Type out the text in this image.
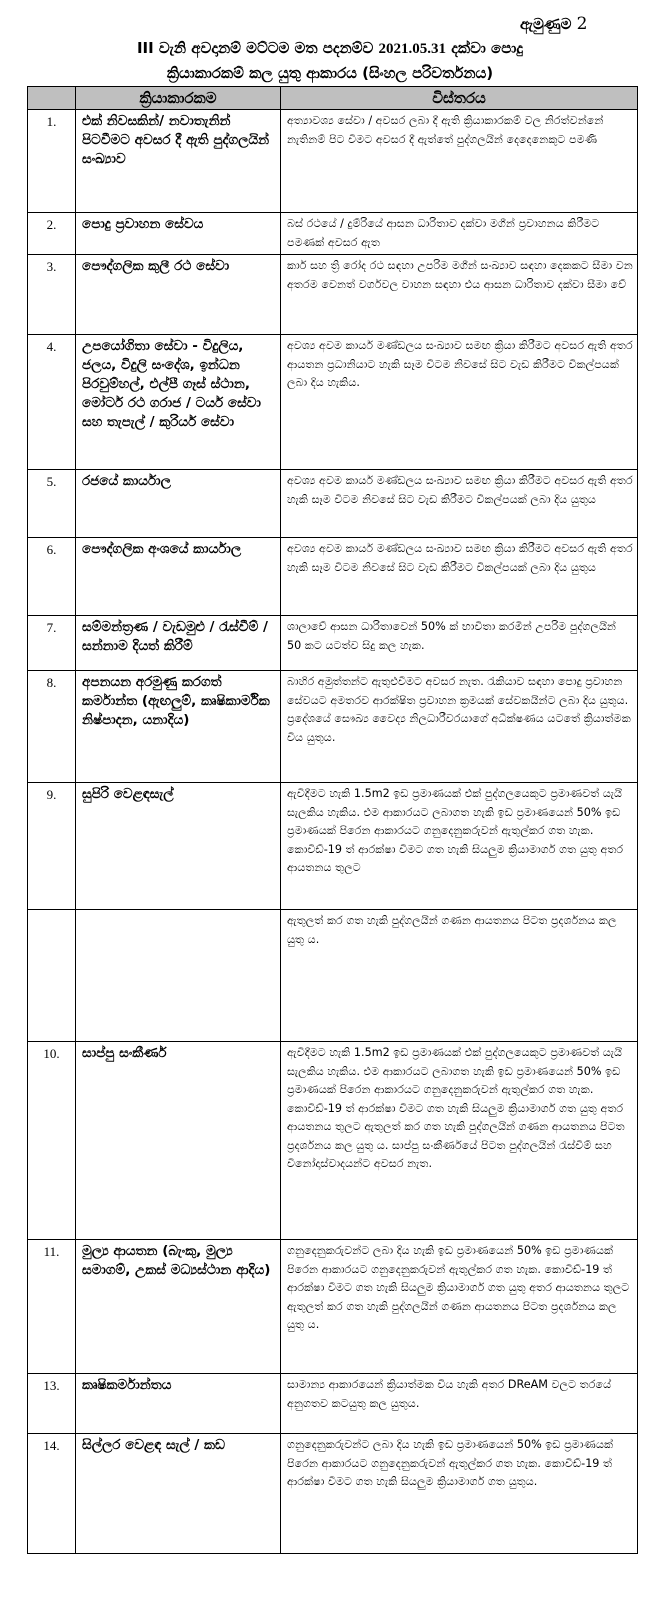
ඇමුණුම 2
III වැනි අවදානම් මට්ටම මත පදනම්ව 2021.05.31 දක්වා පොදු
ක්‍රියාකාරකම් කල යුතු ආකාරය (සිංහල පරිවර්තනය)
	ක්‍රියාකාරකම	විස්තරය
1.	එක් නිවසකින්/ නවාතැනින් පිටවීමට අවසර දී ඇති පුද්ගලයින් සංඛ්‍යාව	අත්‍යාවශ්‍ය සේවා / අවසර ලබා දී ඇති ක්‍රියාකාරකම් වල නිරත්වන්නේ නැතිනම් පිට වීමට අවසර දී ඇත්තේ පුද්ගලයින් දෙදෙනෙකුට පමණි
2.	පොදු ප්‍රවාහන සේවය	බස් රථයේ / දුම්රියේ ආසන ධාරිතාව දක්වා මගීන් ප්‍රවාහනය කිරීමට පමණක් අවසර ඇත
3.	පෞද්ගලික කුලී රථ සේවා	කාර් සහ ත්‍රි රෝද රථ සඳහා උපරිම මගීන් සංඛ්‍යාව සඳහා දෙකකට සීමා වන අතරම වෙනත් වර්ගවල වාහන සඳහා එය ආසන ධාරිතාව දක්වා සීමා වේ
4.	උපයෝගිතා සේවා - විදුලිය, ජලය, විදුලි සංදේශ, ඉන්ධන පිරවුම්හල්, එල්පී ගෑස් ස්ථාන, මෝටර් රථ ගරාජ / ටයර් සේවා සහ තැපැල් / කුරියර් සේවා	අවශ්‍ය අවම කාර්ය මණ්ඩලය සංඛ්‍යාව සමඟ ක්‍රියා කිරීමට අවසර ඇති අතර ආයතන ප්‍රධානියාට හැකි සෑම විටම නිවසේ සිට වැඩ කිරීමට විකල්පයක් ලබා දිය හැකිය.
5.	රජයේ කාර්යාල	අවශ්‍ය අවම කාර්ය මණ්ඩලය සංඛ්‍යාව සමඟ ක්‍රියා කිරීමට අවසර ඇති අතර හැකි සෑම විටම නිවසේ සිට වැඩ කිරීමට විකල්පයක් ලබා දිය යුතුය
6.	පෞද්ගලික අංශයේ කාර්යාල	අවශ්‍ය අවම කාර්ය මණ්ඩලය සංඛ්‍යාව සමඟ ක්‍රියා කිරීමට අවසර ඇති අතර හැකි සෑම විටම නිවසේ සිට වැඩ කිරීමට විකල්පයක් ලබා දිය යුතුය
7.	සම්මන්ත්‍රණ / වැඩමුළු / රැස්වීම් / සන්නාම දියත් කිරීම්	ශාලාවේ ආසන ධාරිතාවෙන් 50% ක් භාවිතා කරමින් උපරිම පුද්ගලයින් 50 කට යටත්ව සිදු කල හැක.
8.	අපනයන අරමුණු කරගත් කර්මාන්ත (ඇඟලුම්, කෘෂිකාර්මික නිෂ්පාදන, යනාදිය)	බාහිර අමුත්තන්ට ඇතුළුවීමට අවසර නැත. රැකියාව සඳහා පොදු ප්‍රවාහන සේවයට අමතරව ආරක්ෂිත ප්‍රවාහන ක්‍රමයක් සේවකයින්ට ලබා දිය යුතුය. ප්‍රදේශයේ සෞඛ්‍ය වෛද්‍ය නිලධාරීවරයාගේ අධීක්ෂණය යටතේ ක්‍රියාත්මක විය යුතුය.
9.	සුපිරි වෙළඳසැල්	ඇවිදීමට හැකි 1.5m2 ඉඩ ප්‍රමාණයක් එක් පුද්ගලයෙකුට ප්‍රමාණවත් යැයි සැලකිය හැකිය. එම ආකාරයට ලබාගත හැකි ඉඩ ප්‍රමාණයෙන් 50% ඉඩ ප්‍රමාණයක් පිරෙන ආකාරයට ගනුදෙනුකරුවන් ඇතුල්කර ගත හැක. කොවිඩ්-19 ත් ආරක්ෂා වීමට ගත හැකි සියලුම ක්‍රියාමාර්ග ගත යුතු අතර ආයතනය තුලට
		ඇතුලත් කර ගත හැකි පුද්ගලයින් ගණන ආයතනය පිටත ප්‍රදර්ශනය කල යුතු ය.
10.	සාප්පු සංකීර්ණ	ඇවිදීමට හැකි 1.5m2 ඉඩ ප්‍රමාණයක් එක් පුද්ගලයෙකුට ප්‍රමාණවත් යැයි සැලකිය හැකිය. එම ආකාරයට ලබාගත හැකි ඉඩ ප්‍රමාණයෙන් 50% ඉඩ ප්‍රමාණයක් පිරෙන ආකාරයට ගනුදෙනුකරුවන් ඇතුල්කර ගත හැක. කොවිඩ්-19 ත් ආරක්ෂා වීමට ගත හැකි සියලුම ක්‍රියාමාර්ග ගත යුතු අතර ආයතනය තුලට ඇතුලත් කර ගත හැකි පුද්ගලයින් ගණන ආයතනය පිටත ප්‍රදර්ශනය කල යුතු ය. සාප්පු සංකීර්ණයේ පිටත පුද්ගලයින් රැස්වීම් සහ විනෝදාස්වාදයන්ට අවසර නැත.
11.	මුල්‍ය ආයතන (බැංකු, මුල්‍ය සමාගම්, උකස් මධ්‍යස්ථාන ආදිය)	ගනුදෙනුකරුවන්ට ලබා දිය හැකි ඉඩ ප්‍රමාණයෙන් 50% ඉඩ ප්‍රමාණයක් පිරෙන ආකාරයට ගනුදෙනුකරුවන් ඇතුල්කර ගත හැක. කොවිඩ්-19 ත් ආරක්ෂා වීමට ගත හැකි සියලුම ක්‍රියාමාර්ග ගත යුතු අතර ආයතනය තුලට ඇතුලත් කර ගත හැකි පුද්ගලයින් ගණන ආයතනය පිටත ප්‍රදර්ශනය කල යුතු ය.
13.	කෘෂිකර්මාන්තය	සාමාන්‍ය ආකාරයෙන් ක්‍රියාත්මක විය හැකි අතර DReAM වලට තරයේ අනුගතව කටයුතු කල යුතුය.
14.	සිල්ලර වෙළඳ සැල් / කඩ	ගනුදෙනුකරුවන්ට ලබා දිය හැකි ඉඩ ප්‍රමාණයෙන් 50% ඉඩ ප්‍රමාණයක් පිරෙන ආකාරයට ගනුදෙනුකරුවන් ඇතුල්කර ගත හැක. කොවිඩ්-19 ත් ආරක්ෂා වීමට ගත හැකි සියලුම ක්‍රියාමාර්ග ගත යුතුය.
